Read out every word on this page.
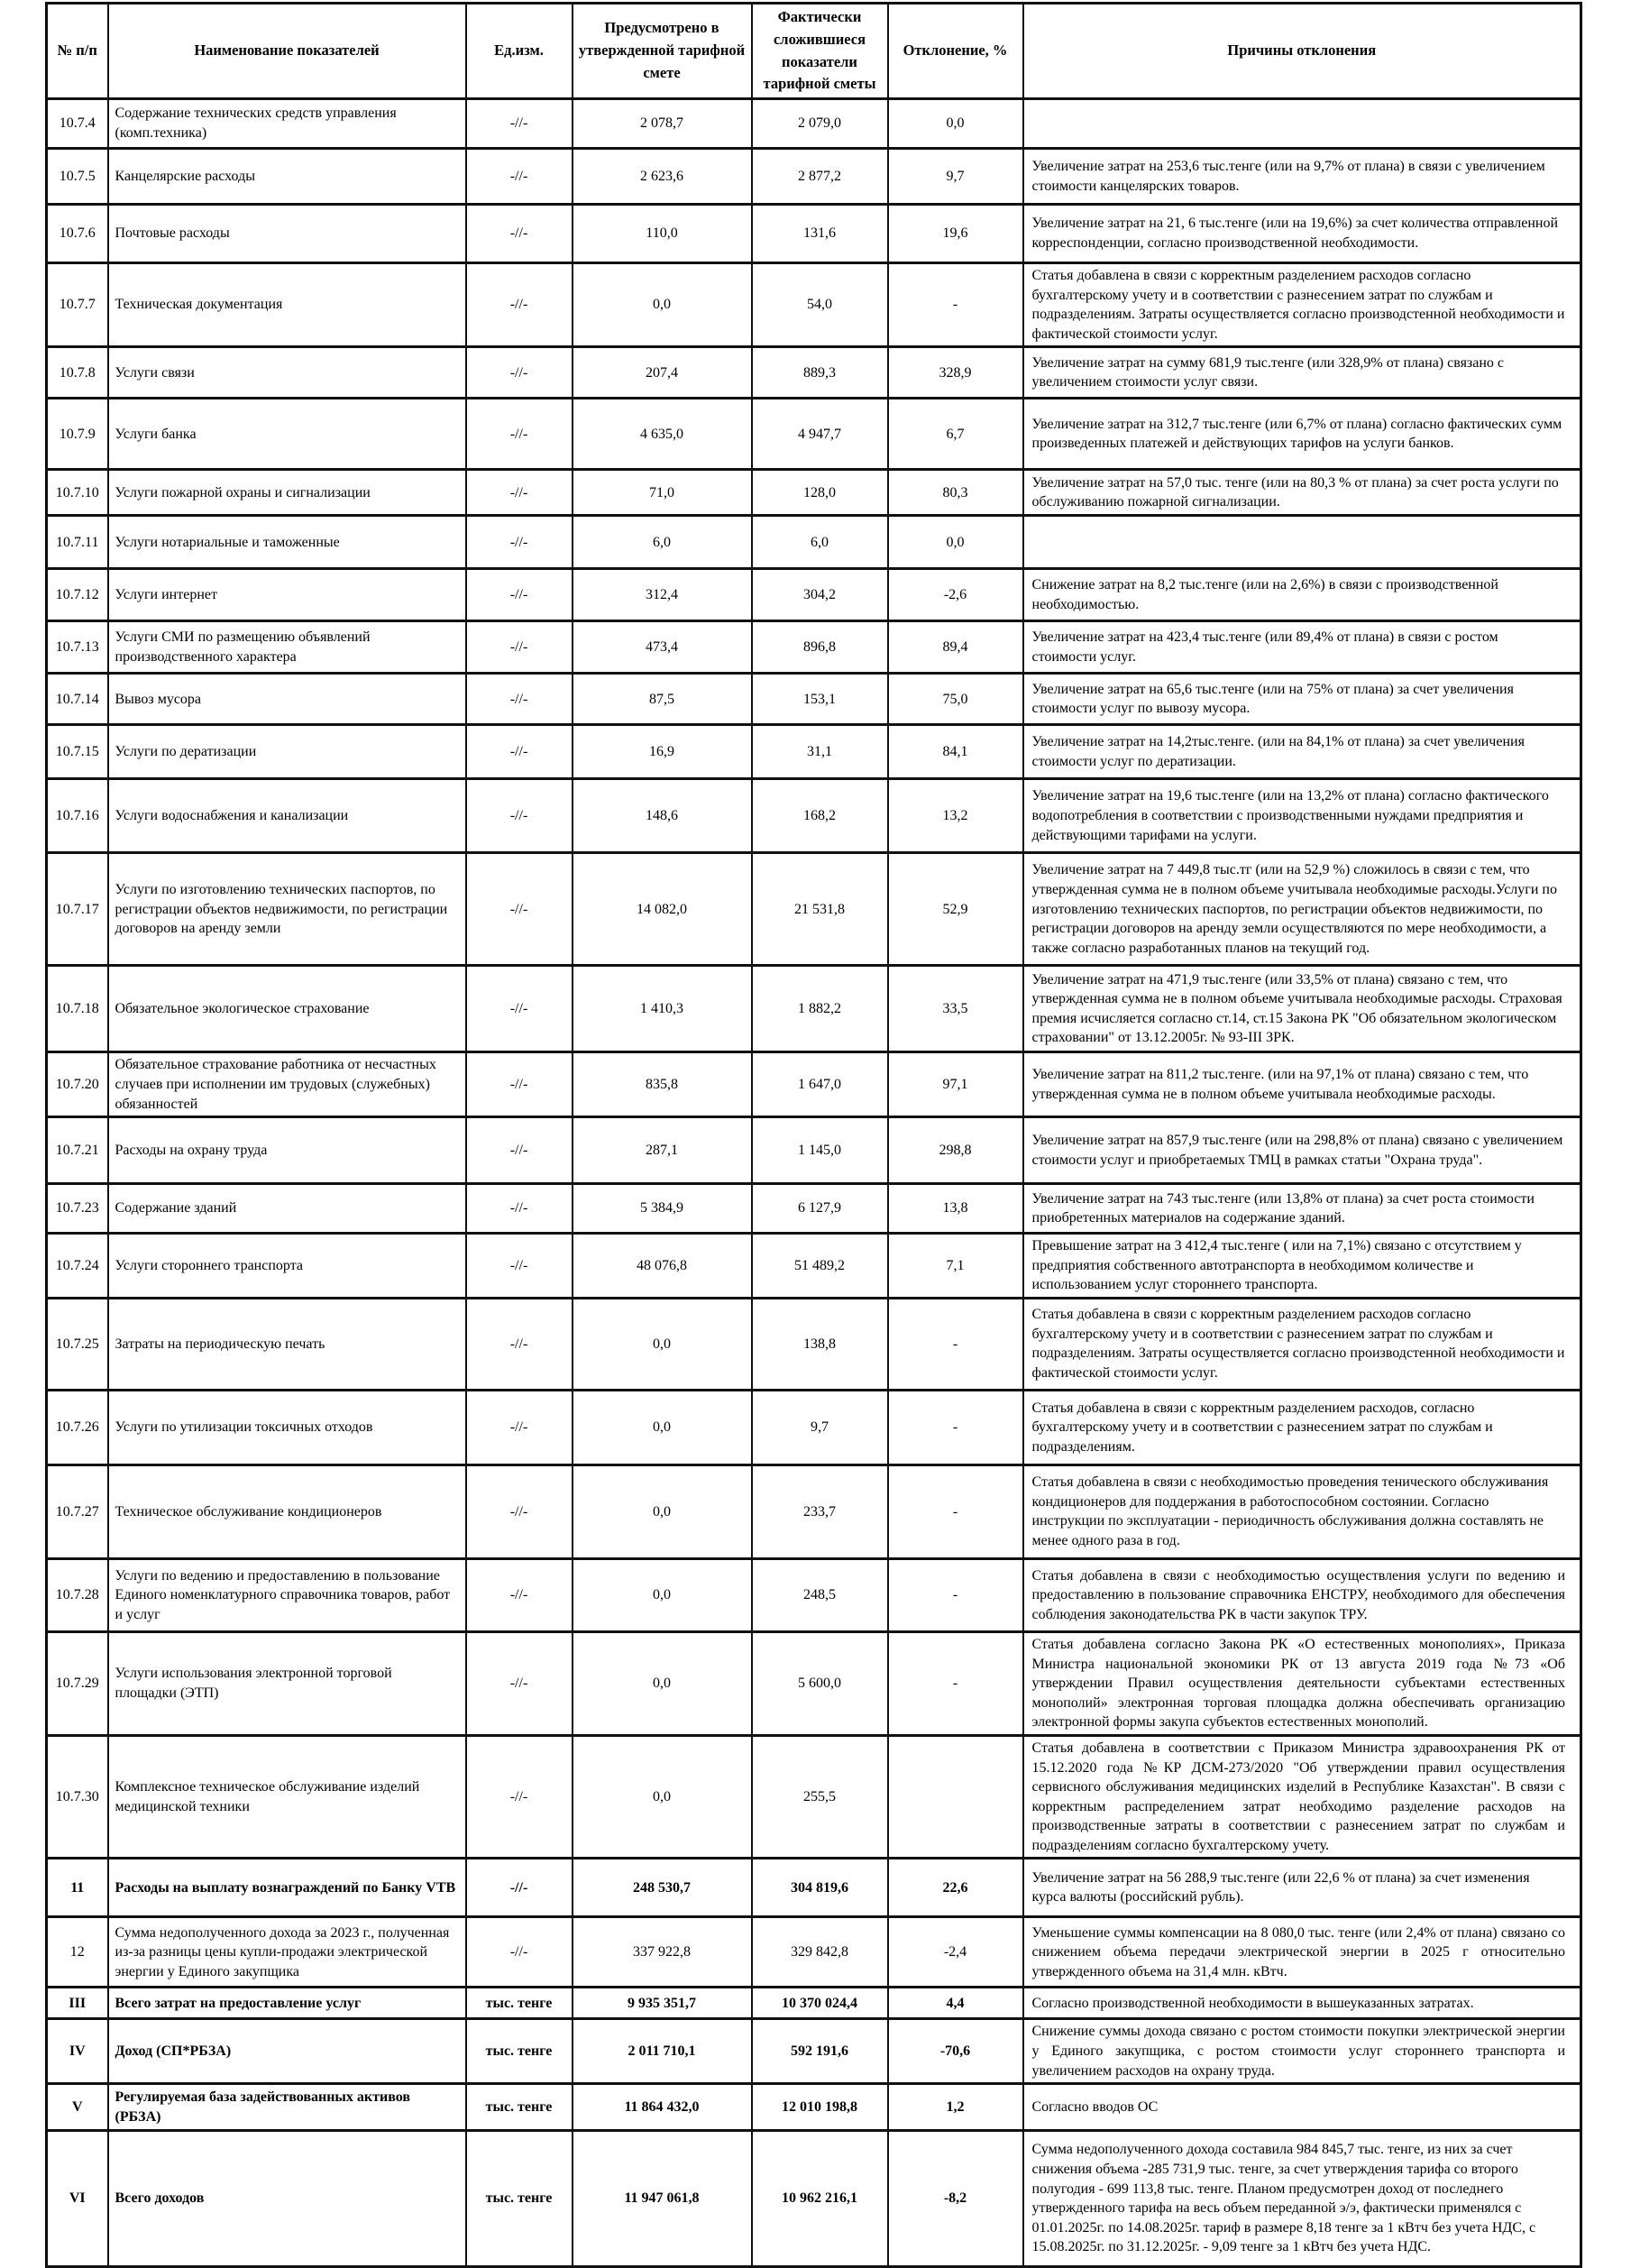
№ п/п	Наименование показателей	Ед.изм.	Предусмотрено в утвержденной тарифной смете	Фактически сложившиеся показатели тарифной сметы	Отклонение, %	Причины отклонения
10.7.4	Содержание технических средств управления (комп.техника)	-//-	2 078,7	2 079,0	0,0	
10.7.5	Канцелярские расходы	-//-	2 623,6	2 877,2	9,7	Увеличение затрат на 253,6 тыс.тенге (или на 9,7% от плана) в связи с увеличением стоимости канцелярских товаров.
10.7.6	Почтовые расходы	-//-	110,0	131,6	19,6	Увеличение затрат на 21, 6 тыс.тенге (или на 19,6%) за счет количества отправленной корреспонденции, согласно производственной необходимости.
10.7.7	Техническая документация	-//-	0,0	54,0	-	Статья добавлена в связи с корректным разделением расходов согласно бухгалтерскому учету и в соответствии с разнесением затрат по службам и подразделениям. Затраты осуществляется согласно производстенной необходимости и фактической стоимости услуг.
10.7.8	Услуги связи	-//-	207,4	889,3	328,9	Увеличение затрат на сумму 681,9 тыс.тенге (или 328,9% от плана) связано с увеличением стоимости услуг связи.
10.7.9	Услуги банка	-//-	4 635,0	4 947,7	6,7	Увеличение затрат на 312,7 тыс.тенге (или 6,7% от плана) согласно фактических сумм произведенных платежей и действующих тарифов на услуги банков.
10.7.10	Услуги пожарной охраны и сигнализации	-//-	71,0	128,0	80,3	Увеличение затрат на 57,0 тыс. тенге (или на 80,3 % от плана) за счет роста услуги по обслуживанию пожарной сигнализации.
10.7.11	Услуги нотариальные и таможенные	-//-	6,0	6,0	0,0	
10.7.12	Услуги интернет	-//-	312,4	304,2	-2,6	Снижение затрат на 8,2 тыс.тенге (или на 2,6%) в связи с производственной необходимостью.
10.7.13	Услуги СМИ по размещению объявлений производственного характера	-//-	473,4	896,8	89,4	Увеличение затрат на 423,4 тыс.тенге (или 89,4% от плана) в связи с ростом стоимости услуг.
10.7.14	Вывоз мусора	-//-	87,5	153,1	75,0	Увеличение затрат на 65,6 тыс.тенге (или на 75% от плана) за счет увеличения стоимости услуг по вывозу мусора.
10.7.15	Услуги по дератизации	-//-	16,9	31,1	84,1	Увеличение затрат на 14,2тыс.тенге. (или на 84,1% от плана) за счет увеличения стоимости услуг по дератизации.
10.7.16	Услуги водоснабжения и канализации	-//-	148,6	168,2	13,2	Увеличение затрат на 19,6 тыс.тенге (или на 13,2% от плана) согласно фактического водопотребления в соответствии с производственными нуждами предприятия и действующими тарифами на услуги.
10.7.17	Услуги по изготовлению технических паспортов, по регистрации объектов недвижимости, по регистрации договоров на аренду земли	-//-	14 082,0	21 531,8	52,9	Увеличение затрат на 7 449,8 тыс.тг (или на 52,9 %) сложилось в связи с тем, что утвержденная сумма не в полном объеме учитывала необходимые расходы.Услуги по изготовлению технических паспортов, по регистрации объектов недвижимости, по регистрации договоров на аренду земли осуществляются по мере необходимости, а также согласно разработанных планов на текущий год.
10.7.18	Обязательное экологическое страхование	-//-	1 410,3	1 882,2	33,5	Увеличение затрат на 471,9 тыс.тенге (или 33,5% от плана) связано с тем, что утвержденная сумма не в полном объеме учитывала необходимые расходы. Страховая премия исчисляется согласно ст.14, ст.15 Закона РК "Об обязательном экологическом страховании" от 13.12.2005г. № 93-III ЗРК.
10.7.20	Обязательное страхование работника от несчастных случаев при исполнении им трудовых (служебных) обязанностей	-//-	835,8	1 647,0	97,1	Увеличение затрат на 811,2 тыс.тенге. (или на 97,1% от плана) связано с тем, что утвержденная сумма не в полном объеме учитывала необходимые расходы.
10.7.21	Расходы на охрану труда	-//-	287,1	1 145,0	298,8	Увеличение затрат на 857,9 тыс.тенге (или на 298,8% от плана) связано с увеличением стоимости услуг и приобретаемых ТМЦ в рамках статьи "Охрана труда".
10.7.23	Содержание зданий	-//-	5 384,9	6 127,9	13,8	Увеличение затрат на 743 тыс.тенге (или 13,8% от плана) за счет роста стоимости приобретенных материалов на содержание зданий.
10.7.24	Услуги стороннего транспорта	-//-	48 076,8	51 489,2	7,1	Превышение затрат на 3 412,4 тыс.тенге ( или на 7,1%) связано с отсутствием у предприятия собственного автотранспорта в необходимом количестве и использованием услуг стороннего транспорта.
10.7.25	Затраты на периодическую печать	-//-	0,0	138,8	-	Статья добавлена в связи с корректным разделением расходов согласно бухгалтерскому учету и в соответствии с разнесением затрат по службам и подразделениям. Затраты осуществляется согласно производстенной необходимости и фактической стоимости услуг.
10.7.26	Услуги по утилизации токсичных отходов	-//-	0,0	9,7	-	Статья добавлена в связи с корректным разделением расходов, согласно бухгалтерскому учету и в соответствии с разнесением затрат по службам и подразделениям.
10.7.27	Техническое обслуживание кондиционеров	-//-	0,0	233,7	-	Статья добавлена в связи с необходимостью проведения тенического обслуживания кондиционеров для поддержания в работоспособном состоянии. Согласно инструкции по эксплуатации - периодичность обслуживания должна составлять не менее одного раза в год.
10.7.28	Услуги по ведению и предоставлению в пользование Единого номенклатурного справочника товаров, работ и услуг	-//-	0,0	248,5	-	Статья добавлена в связи с необходимостью осуществления услуги по ведению и предоставлению в пользование справочника ЕНСТРУ, необходимого для обеспечения соблюдения законодательства РК в части закупок ТРУ.
10.7.29	Услуги использования электронной торговой площадки (ЭТП)	-//-	0,0	5 600,0	-	Статья добавлена согласно Закона РК «О естественных монополиях», Приказа Министра национальной экономики РК от 13 августа 2019 года №73 «Об утверждении Правил осуществления деятельности субъектами естественных монополий» электронная торговая площадка должна обеспечивать организацию электронной формы закупа субъектов естественных монополий.
10.7.30	Комплексное техническое обслуживание изделий медицинской техники	-//-	0,0	255,5		Статья добавлена в соответствии с Приказом Министра здравоохранения РК от 15.12.2020 года №КР ДСМ-273/2020 "Об утверждении правил осуществления сервисного обслуживания медицинских изделий в Республике Казахстан". В связи с корректным распределением затрат необходимо разделение расходов на производственные затраты в соответствии с разнесением затрат по службам и подразделениям согласно бухгалтерскому учету.
11	Расходы на выплату вознаграждений по Банку VTB	-//-	248 530,7	304 819,6	22,6	Увеличение затрат на 56 288,9 тыс.тенге (или 22,6 % от плана) за счет изменения курса валюты (российский рубль).
12	Сумма недополученного дохода за 2023 г., полученная из-за разницы цены купли-продажи электрической энергии у Единого закупщика	-//-	337 922,8	329 842,8	-2,4	Уменьшение суммы компенсации на 8 080,0 тыс. тенге (или 2,4% от плана) связано со снижением объема передачи электрической энергии в 2025 г относительно утвержденного объема на 31,4 млн. кВтч.
III	Всего затрат на предоставление услуг	тыс. тенге	9 935 351,7	10 370 024,4	4,4	Согласно производственной необходимости в вышеуказанных затратах.
IV	Доход (СП*РБЗА)	тыс. тенге	2 011 710,1	592 191,6	-70,6	Снижение суммы дохода связано с ростом стоимости покупки электрической энергии у Единого закупщика, с ростом стоимости услуг стороннего транспорта и увеличением расходов на охрану труда.
V	Регулируемая база задействованных активов (РБЗА)	тыс. тенге	11 864 432,0	12 010 198,8	1,2	Согласно вводов ОС
VI	Всего доходов	тыс. тенге	11 947 061,8	10 962 216,1	-8,2	Сумма недополученного дохода составила 984 845,7 тыс. тенге, из них за счет снижения объема -285 731,9 тыс. тенге, за счет утверждения тарифа со второго полугодия - 699 113,8 тыс. тенге. Планом предусмотрен доход от последнего утвержденного тарифа на весь объем переданной э/э, фактически применялся с 01.01.2025г. по 14.08.2025г. тариф в размере 8,18 тенге за 1 кВтч без учета НДС, с 15.08.2025г. по 31.12.2025г. - 9,09 тенге за 1 кВтч без учета НДС.
